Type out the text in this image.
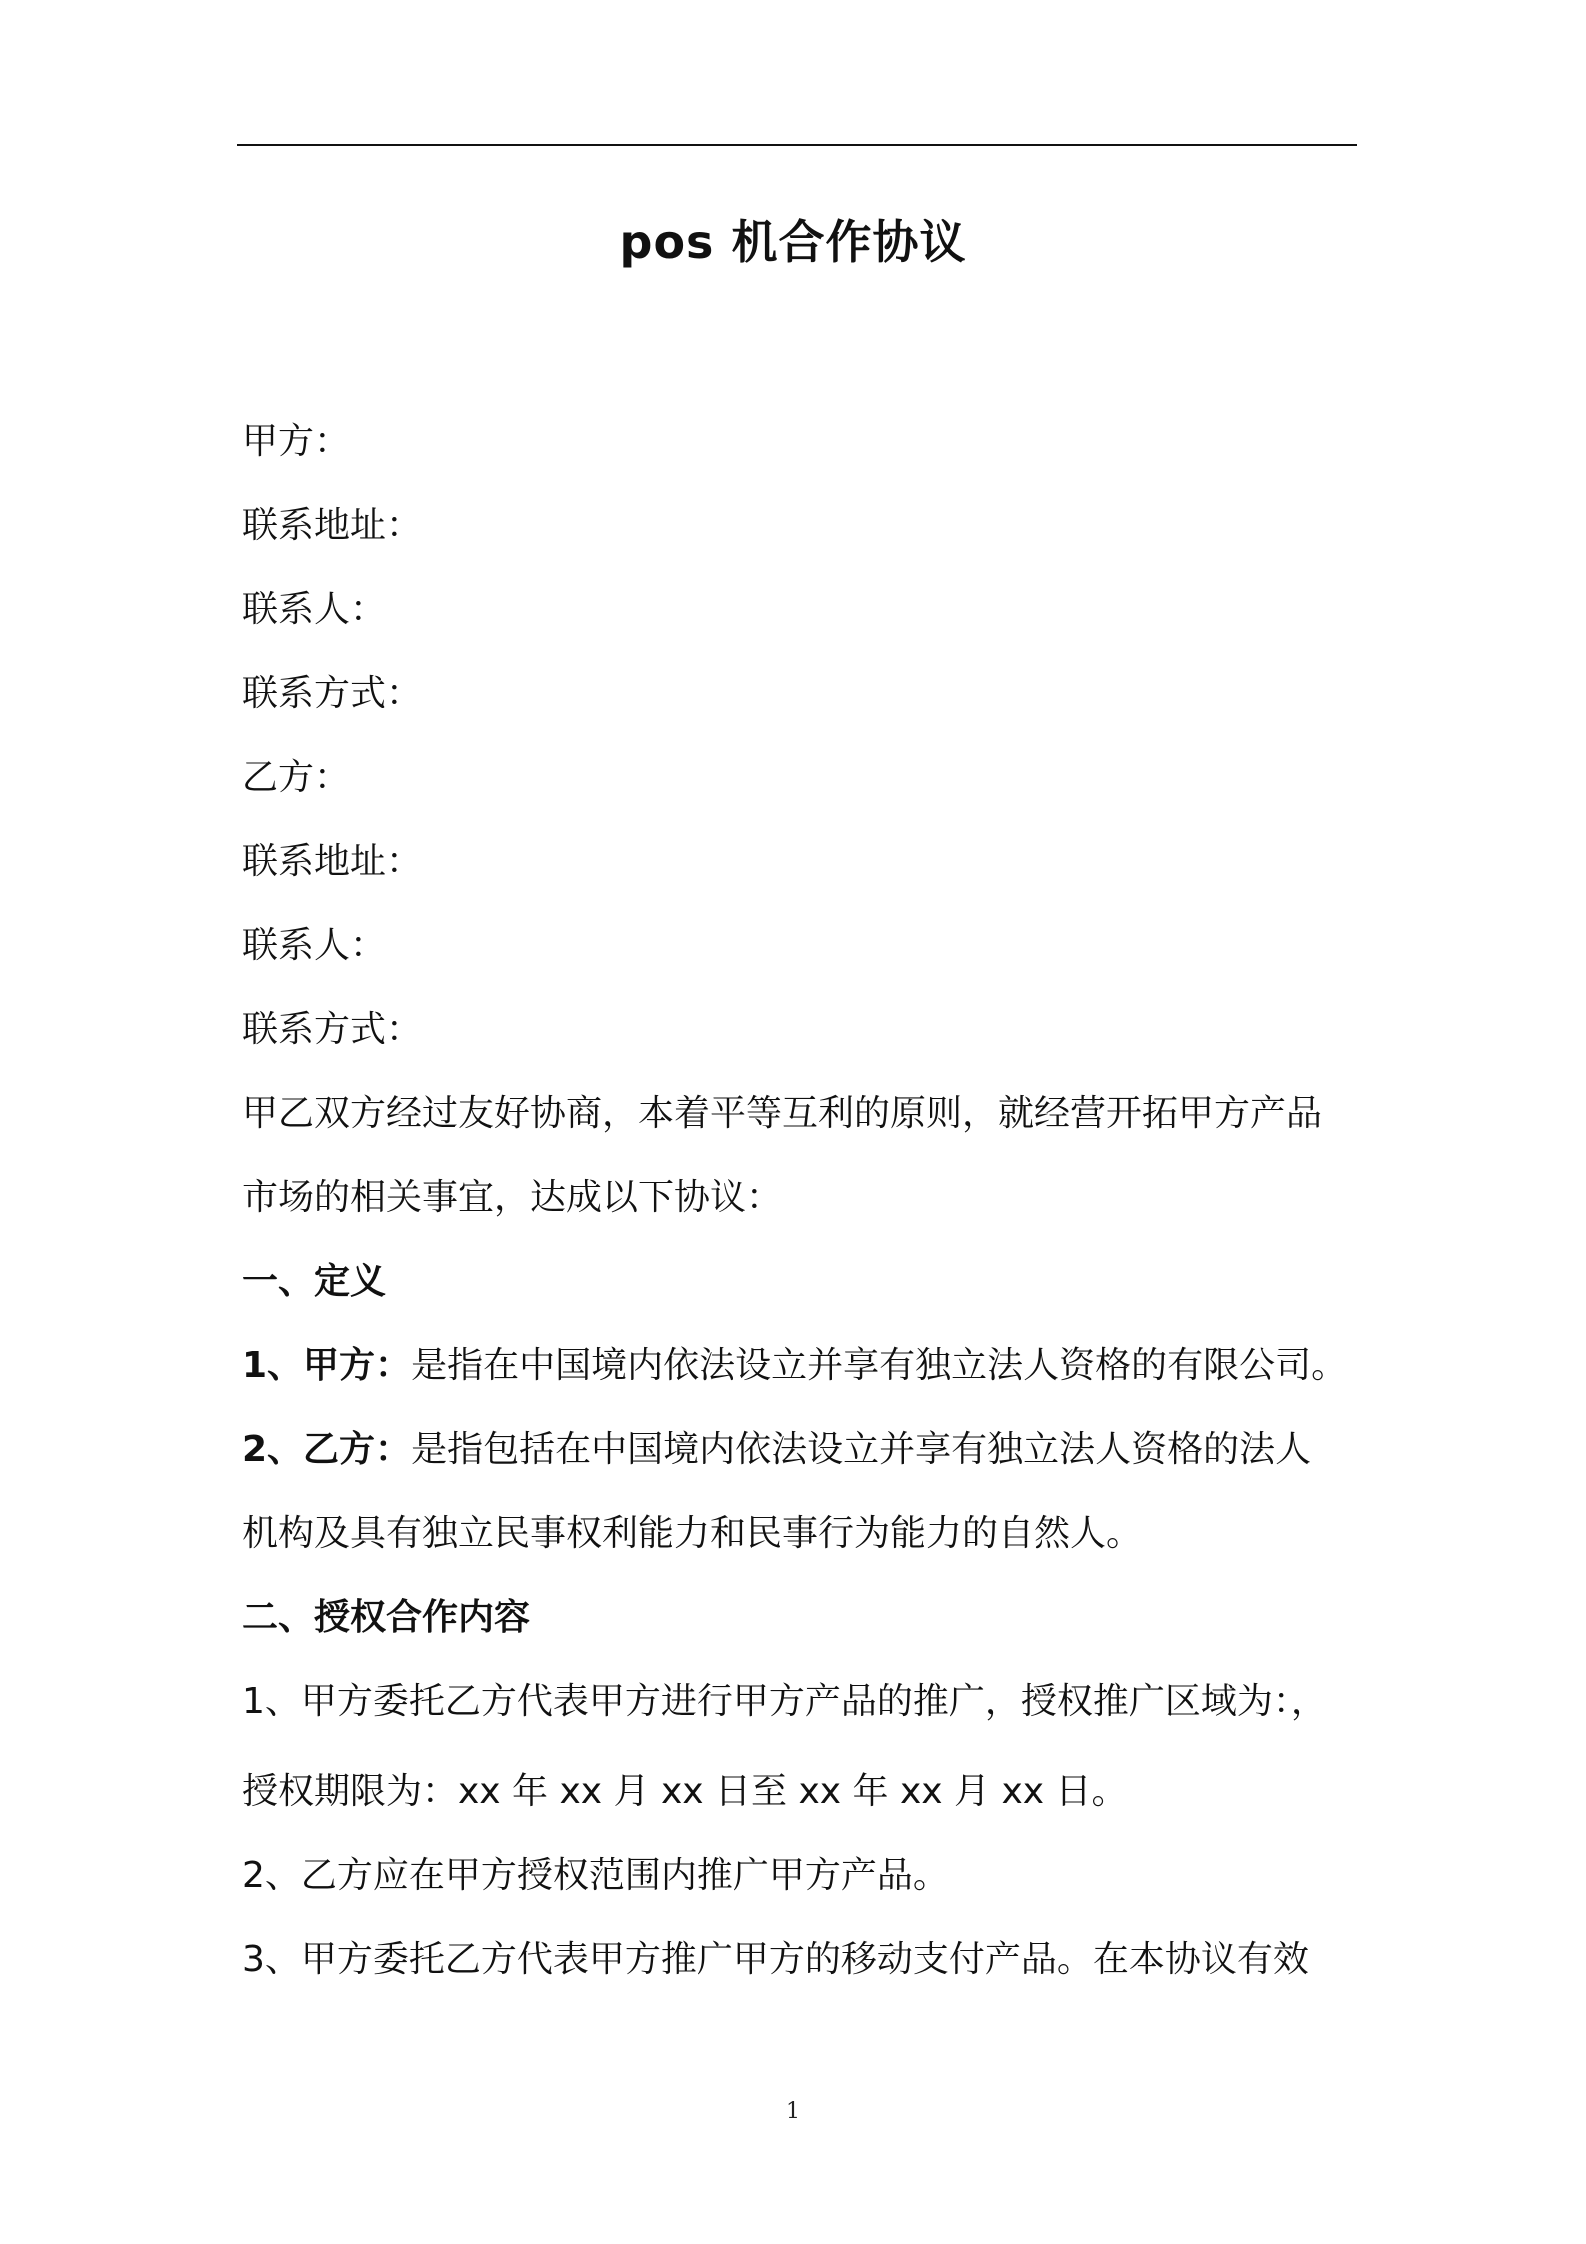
pos 机合作协议
甲方：
联系地址：
联系人：
联系方式：
乙方：
联系地址：
联系人：
联系方式：
甲乙双方经过友好协商，本着平等互利的原则，就经营开拓甲方产品
市场的相关事宜，达成以下协议：
一、定义
1、甲方：是指在中国境内依法设立并享有独立法人资格的有限公司。
2、乙方：是指包括在中国境内依法设立并享有独立法人资格的法人
机构及具有独立民事权利能力和民事行为能力的自然人。
二、授权合作内容
1、甲方委托乙方代表甲方进行甲方产品的推广，授权推广区域为：，
授权期限为：xx 年 xx 月 xx 日至 xx 年 xx 月 xx 日。
2、乙方应在甲方授权范围内推广甲方产品。
3、甲方委托乙方代表甲方推广甲方的移动支付产品。在本协议有效
1
